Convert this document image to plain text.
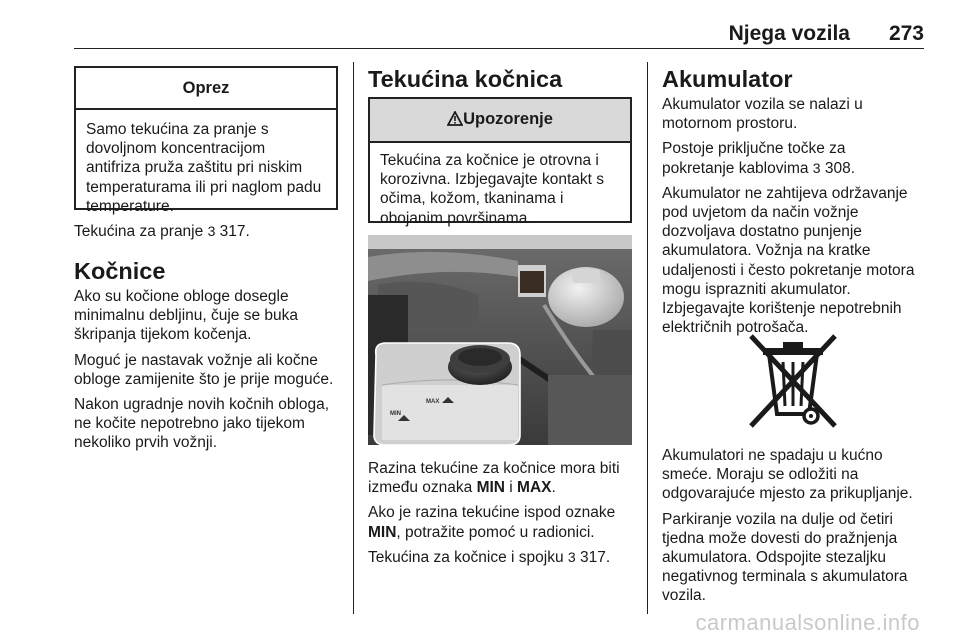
Njega vozila 273
Oprez
Samo tekućina za pranje s
dovoljnom koncentracijom
antifriza pruža zaštitu pri niskim
temperaturama ili pri naglom padu
temperature.

Tekućina za pranje 3 317.

Kočnice

Ako su kočione obloge dosegle
minimalnu debljinu, čuje se buka
škripanja tijekom kočenja.

Moguć je nastavak vožnje ali kočne
obloge zamijenite što je prije moguće.

Nakon ugradnje novih kočnih obloga,
ne kočite nepotrebno jako tijekom
nekoliko prvih vožnji.

Tekućina kočnica
Upozorenje
Tekućina za kočnice je otrovna i
korozivna. Izbjegavajte kontakt s
očima, kožom, tkaninama i
obojanim površinama.
MAX
MIN

Razina tekućine za kočnice mora biti
između oznaka MIN i MAX.

Ako je razina tekućine ispod oznake
MIN, potražite pomoć u radionici.

Tekućina za kočnice i spojku 3 317.

Akumulator

Akumulator vozila se nalazi u
motornom prostoru.

Postoje priključne točke za
pokretanje kablovima 3 308.

Akumulator ne zahtijeva održavanje
pod uvjetom da način vožnje
dozvoljava dostatno punjenje
akumulatora. Vožnja na kratke
udaljenosti i često pokretanje motora
mogu isprazniti akumulator.
Izbjegavajte korištenje nepotrebnih
električnih potrošača.

Akumulatori ne spadaju u kućno
smeće. Moraju se odložiti na
odgovarajuće mjesto za prikupljanje.

Parkiranje vozila na dulje od četiri
tjedna može dovesti do pražnjenja
akumulatora. Odspojite stezaljku
negativnog terminala s akumulatora
vozila.

carmanualsonline.info
